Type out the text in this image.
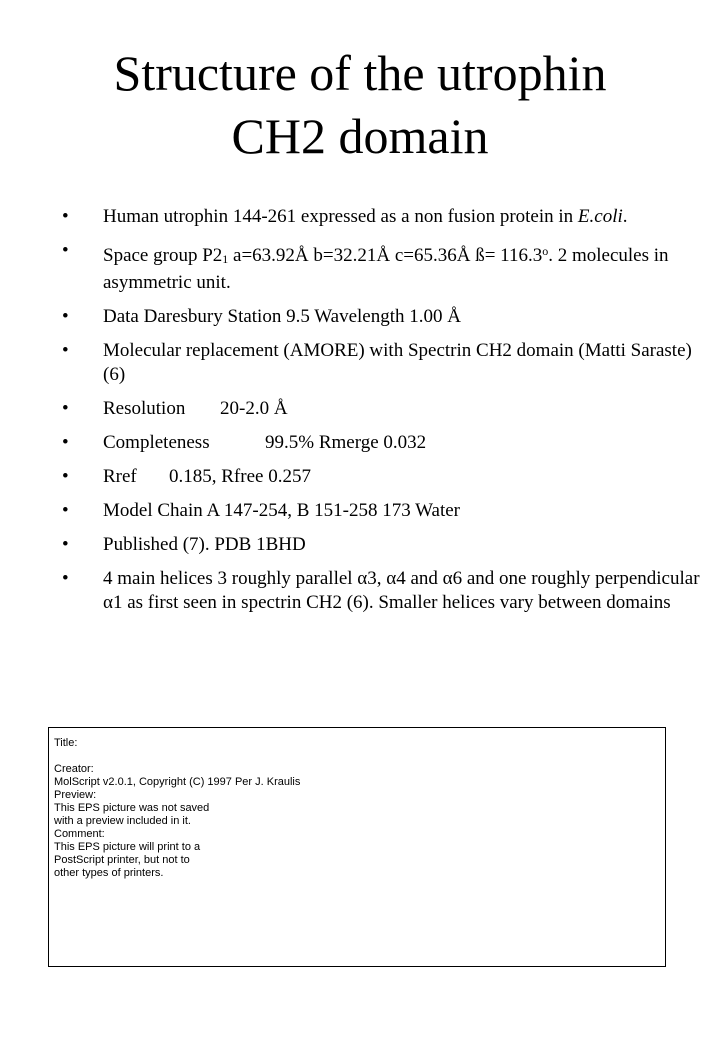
Structure of the utrophin
CH2 domain
• Human utrophin 144-261 expressed as a non fusion protein in E.coli.
• Space group $P2_1$ a=63.92Å b=32.21Å c=65.36Å ß= $116.3^o$. 2 molecules in asymmetric unit.
• Data Daresbury Station 9.5 Wavelength 1.00 Å
• Molecular replacement (AMORE) with Spectrin CH2 domain (Matti Saraste)(6)
• Resolution 20-2.0 Å
• Completeness	99.5% Rmerge 0.032
• Rref 0.185, Rfree 0.257
• Model Chain A 147-254, B 151-258 173 Water
• Published (7). PDB 1BHD
• 4 main helices 3 roughly parallel α3, α4 and α6 and one roughly perpendicular α1 as first seen in spectrin CH2 (6). Smaller helices vary between domains
Title:

Creator:
MolScript v2.0.1, Copyright (C) 1997 Per J. Kraulis
Preview:
This EPS picture was not saved
with a preview included in it.
Comment:
This EPS picture will print to a
PostScript printer, but not to
other types of printers.
